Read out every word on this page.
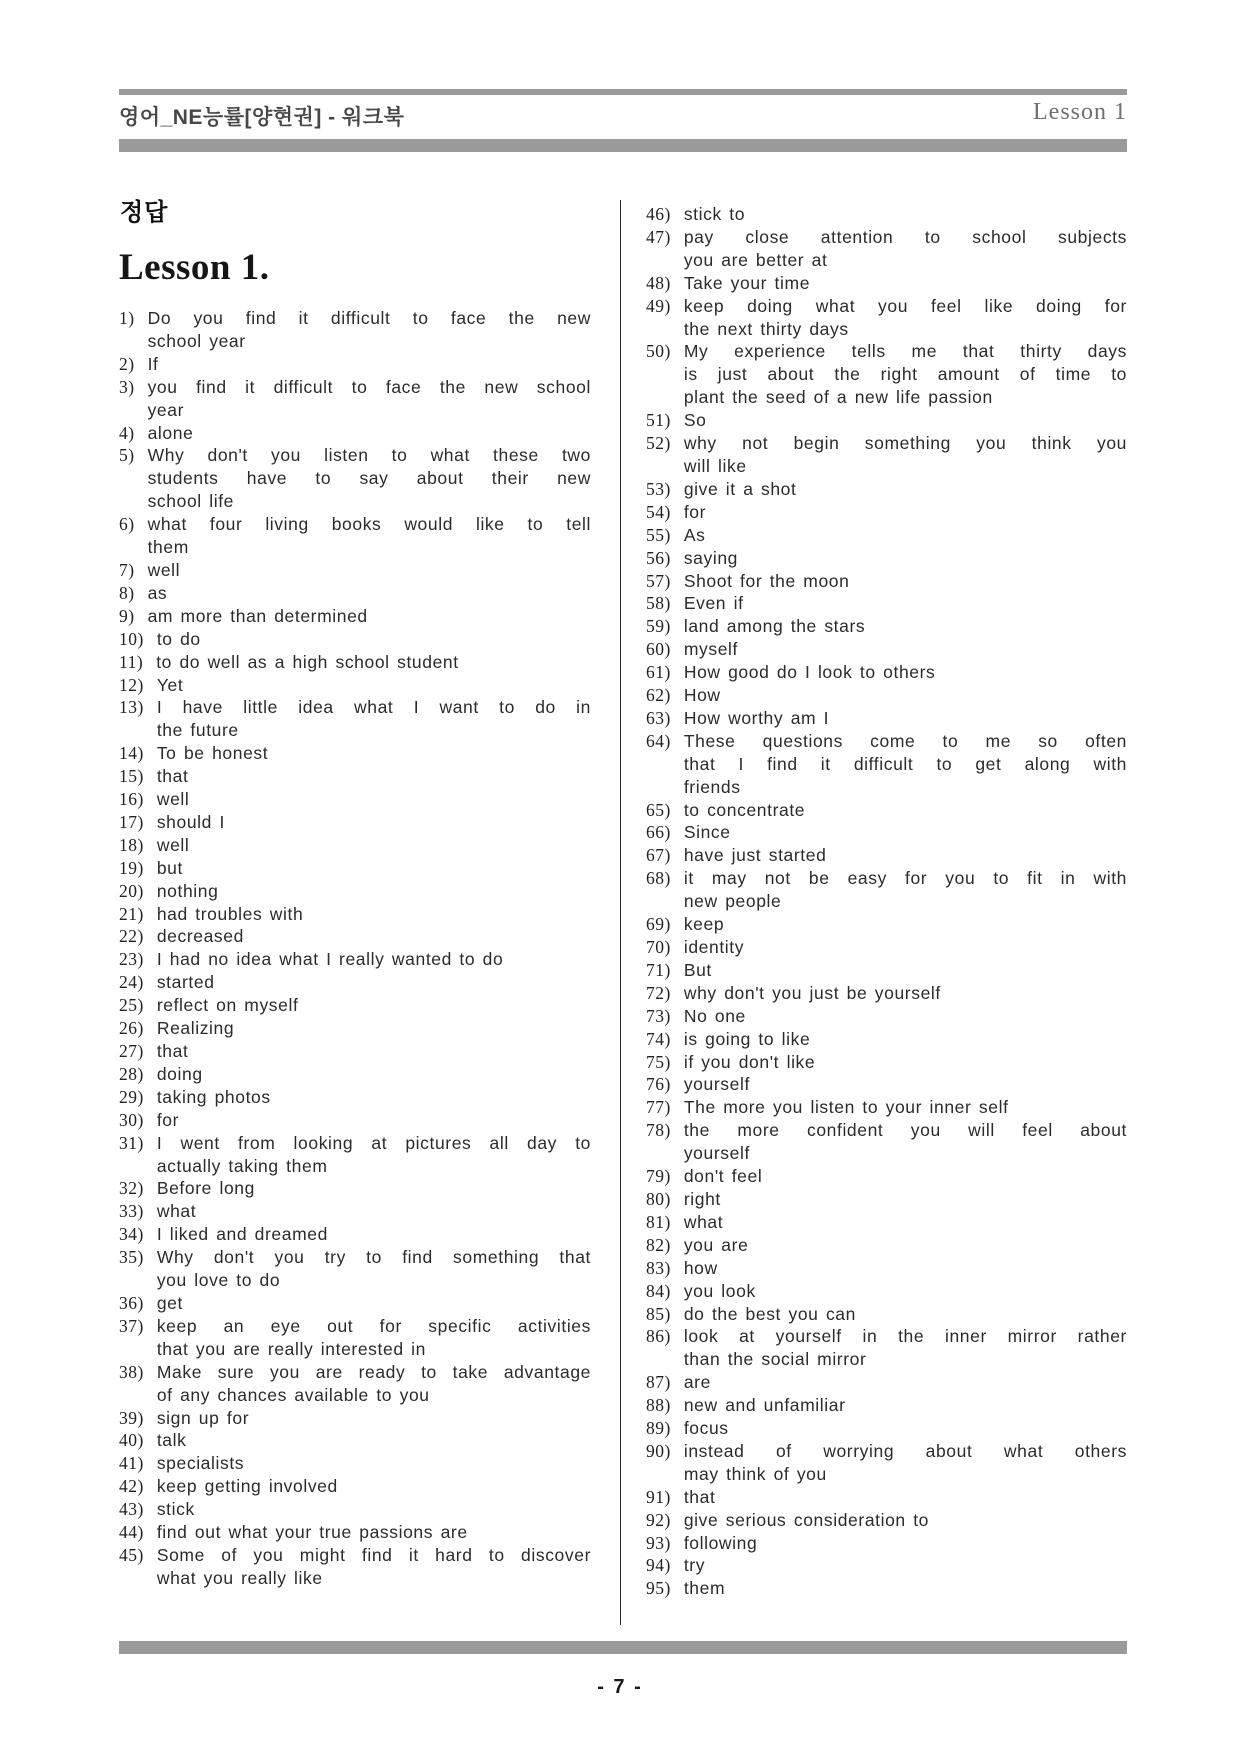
영어_NE능률[양현권] - 워크북	Lesson 1
정답
Lesson 1.
1) Do you find it difficult to face the new
school year
2) If
3) you find it difficult to face the new school
year
4) alone
5) Why don't you listen to what these two
students have to say about their new
school life
6) what four living books would like to tell
them
7) well
8) as
9) am more than determined
10) to do
11) to do well as a high school student
12) Yet
13) I have little idea what I want to do in
the future
14) To be honest
15) that
16) well
17) should I
18) well
19) but
20) nothing
21) had troubles with
22) decreased
23) I had no idea what I really wanted to do
24) started
25) reflect on myself
26) Realizing
27) that
28) doing
29) taking photos
30) for
31) I went from looking at pictures all day to
actually taking them
32) Before long
33) what
34) I liked and dreamed
35) Why don't you try to find something that
you love to do
36) get
37) keep an eye out for specific activities
that you are really interested in
38) Make sure you are ready to take advantage
of any chances available to you
39) sign up for
40) talk
41) specialists
42) keep getting involved
43) stick
44) find out what your true passions are
45) Some of you might find it hard to discover
what you really like
46) stick to
47) pay close attention to school subjects
you are better at
48) Take your time
49) keep doing what you feel like doing for
the next thirty days
50) My experience tells me that thirty days
is just about the right amount of time to
plant the seed of a new life passion
51) So
52) why not begin something you think you
will like
53) give it a shot
54) for
55) As
56) saying
57) Shoot for the moon
58) Even if
59) land among the stars
60) myself
61) How good do I look to others
62) How
63) How worthy am I
64) These questions come to me so often
that I find it difficult to get along with
friends
65) to concentrate
66) Since
67) have just started
68) it may not be easy for you to fit in with
new people
69) keep
70) identity
71) But
72) why don't you just be yourself
73) No one
74) is going to like
75) if you don't like
76) yourself
77) The more you listen to your inner self
78) the more confident you will feel about
yourself
79) don't feel
80) right
81) what
82) you are
83) how
84) you look
85) do the best you can
86) look at yourself in the inner mirror rather
than the social mirror
87) are
88) new and unfamiliar
89) focus
90) instead of worrying about what others
may think of you
91) that
92) give serious consideration to
93) following
94) try
95) them
- 7 -
